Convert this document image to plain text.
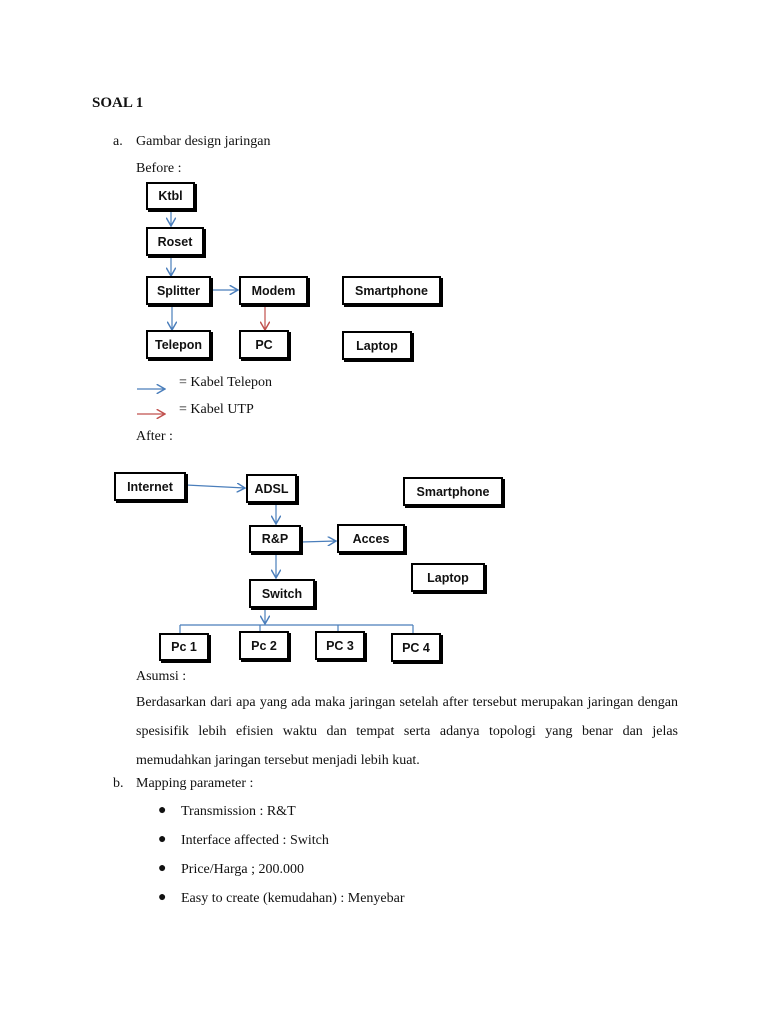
SOAL 1
a. Gambar design jaringan
Before :
Ktbl
Roset
Splitter	Modem	Smartphone
Telepon	PC	Laptop
= Kabel Telepon
= Kabel UTP
After :
Internet	ADSL	Smartphone
R&P	Acces
Laptop
Switch
Pc 1	Pc 2	PC 3	PC 4
Asumsi :
Berdasarkan dari apa yang ada maka jaringan setelah after tersebut merupakan jaringan dengan spesisifik lebih efisien waktu dan tempat serta adanya topologi yang benar dan jelas memudahkan jaringan tersebut menjadi lebih kuat.
b. Mapping parameter :
● Transmission : R&T
● Interface affected : Switch
● Price/Harga ; 200.000
● Easy to create (kemudahan) : Menyebar
